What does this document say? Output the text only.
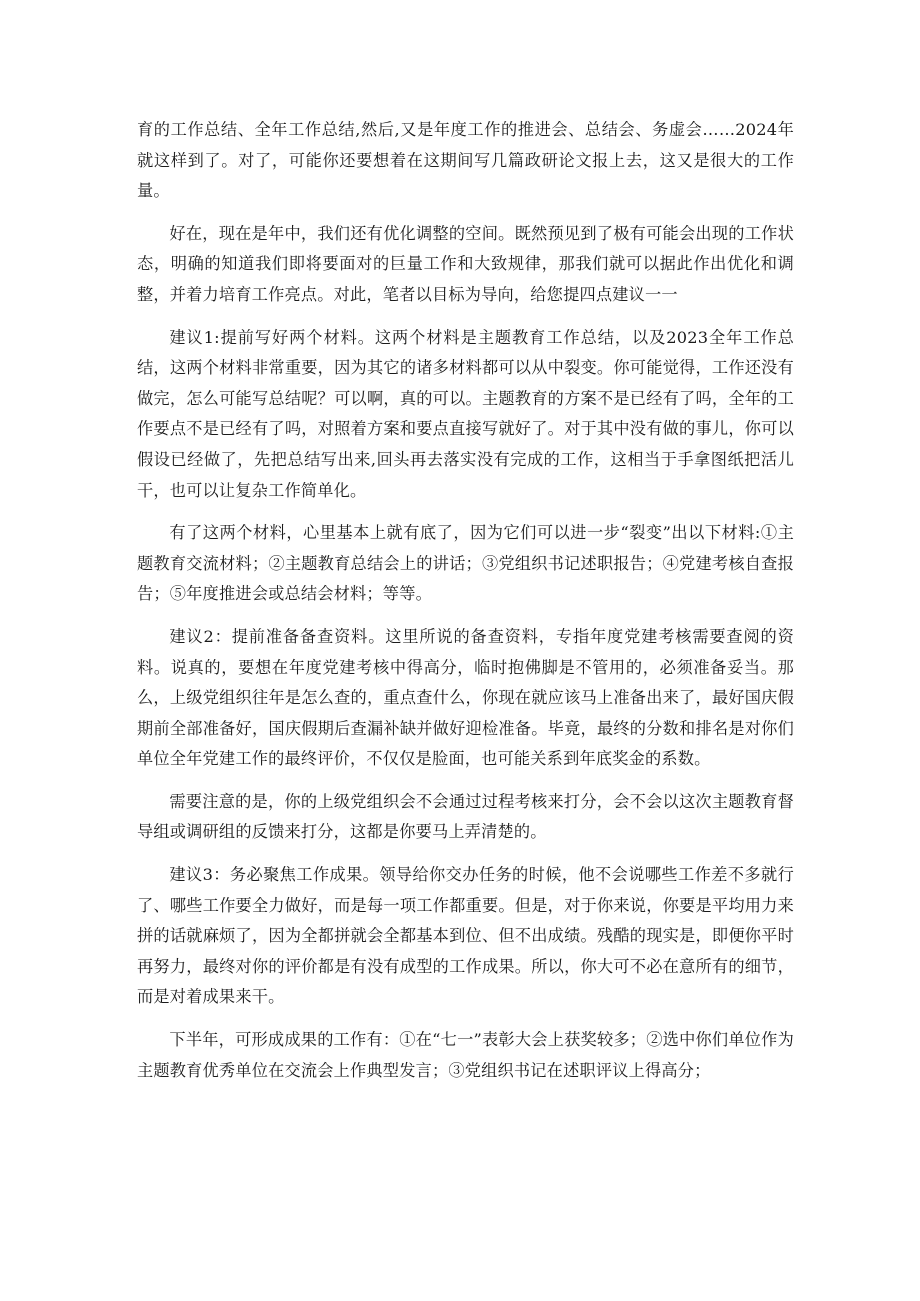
育的工作总结、全年工作总结,然后,又是年度工作的推进会、总结会、务虚会……2024年就这样到了。对了，可能你还要想着在这期间写几篇政研论文报上去，这又是很大的工作量。

好在，现在是年中，我们还有优化调整的空间。既然预见到了极有可能会出现的工作状态，明确的知道我们即将要面对的巨量工作和大致规律，那我们就可以据此作出优化和调整，并着力培育工作亮点。对此，笔者以目标为导向，给您提四点建议一一

建议1:提前写好两个材料。这两个材料是主题教育工作总结，以及2023全年工作总结，这两个材料非常重要，因为其它的诸多材料都可以从中裂变。你可能觉得，工作还没有做完，怎么可能写总结呢？可以啊，真的可以。主题教育的方案不是已经有了吗，全年的工作要点不是已经有了吗，对照着方案和要点直接写就好了。对于其中没有做的事儿，你可以假设已经做了，先把总结写出来,回头再去落实没有完成的工作，这相当于手拿图纸把活儿干，也可以让复杂工作简单化。

有了这两个材料，心里基本上就有底了，因为它们可以进一步“裂变”出以下材料:①主题教育交流材料；②主题教育总结会上的讲话；③党组织书记述职报告；④党建考核自查报告；⑤年度推进会或总结会材料；等等。

建议2：提前准备备查资料。这里所说的备查资料，专指年度党建考核需要查阅的资料。说真的，要想在年度党建考核中得高分，临时抱佛脚是不管用的，必须准备妥当。那么，上级党组织往年是怎么查的，重点查什么，你现在就应该马上准备出来了，最好国庆假期前全部准备好，国庆假期后查漏补缺并做好迎检准备。毕竟，最终的分数和排名是对你们单位全年党建工作的最终评价，不仅仅是脸面，也可能关系到年底奖金的系数。

需要注意的是，你的上级党组织会不会通过过程考核来打分，会不会以这次主题教育督导组或调研组的反馈来打分，这都是你要马上弄清楚的。

建议3：务必聚焦工作成果。领导给你交办任务的时候，他不会说哪些工作差不多就行了、哪些工作要全力做好，而是每一项工作都重要。但是，对于你来说，你要是平均用力来拼的话就麻烦了，因为全都拼就会全都基本到位、但不出成绩。残酷的现实是，即便你平时再努力，最终对你的评价都是有没有成型的工作成果。所以，你大可不必在意所有的细节，而是对着成果来干。

下半年，可形成成果的工作有：①在“七一”表彰大会上获奖较多；②选中你们单位作为主题教育优秀单位在交流会上作典型发言；③党组织书记在述职评议上得高分；
